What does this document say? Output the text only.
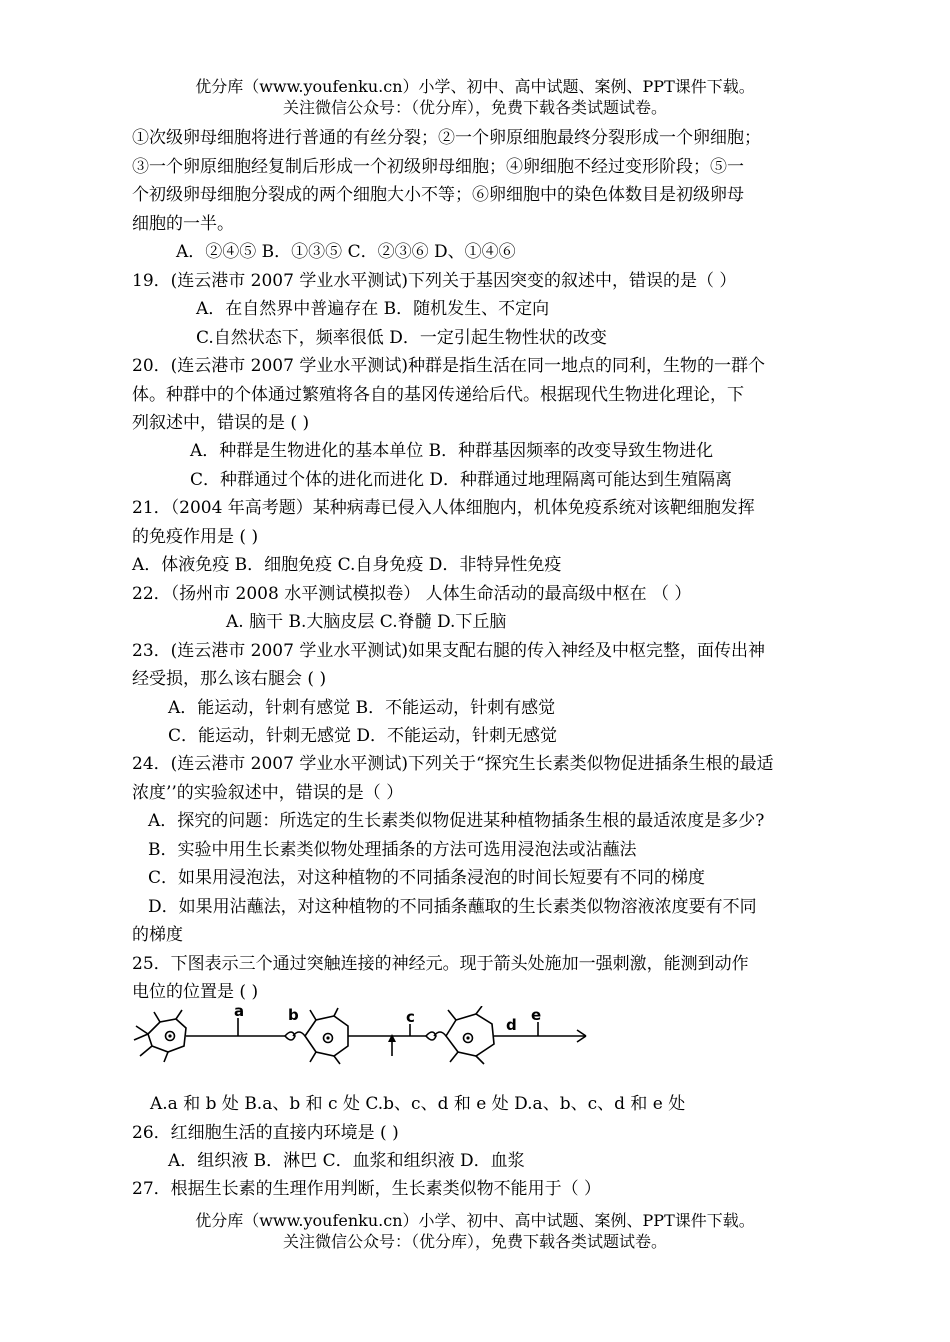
优分库（www.youfenku.cn）小学、初中、高中试题、案例、PPT课件下载。
关注微信公众号：（优分库），免费下载各类试题试卷。
①次级卵母细胞将进行普通的有丝分裂；②一个卵原细胞最终分裂形成一个卵细胞；
③一个卵原细胞经复制后形成一个初级卵母细胞；④卵细胞不经过变形阶段；⑤一
个初级卵母细胞分裂成的两个细胞大小不等；⑥卵细胞中的染色体数目是初级卵母
细胞的一半。
A．②④⑤ B．①③⑤ C．②③⑥ D、①④⑥
19．(连云港市 2007 学业水平测试)下列关于基因突变的叙述中，错误的是（ ）
A．在自然界中普遍存在 B．随机发生、不定向
C.自然状态下，频率很低 D．一定引起生物性状的改变
20．(连云港市 2007 学业水平测试)种群是指生活在同一地点的同利，生物的一群个
体。种群中的个体通过繁殖将各自的基冈传递给后代。根据现代生物进化理论，下
列叙述中，错误的是 ( )
A．种群是生物进化的基本单位 B．种群基因频率的改变导致生物进化
C．种群通过个体的进化而进化 D．种群通过地理隔离可能达到生殖隔离
21．（2004 年高考题）某种病毒已侵入人体细胞内，机体免疫系统对该靶细胞发挥
的免疫作用是 ( )
A．体液免疫 B．细胞免疫 C.自身免疫 D．非特异性免疫
22．（扬州市 2008 水平测试模拟卷） 人体生命活动的最高级中枢在 （ ）
A. 脑干 B.大脑皮层 C.脊髓 D.下丘脑
23．(连云港市 2007 学业水平测试)如果支配右腿的传入神经及中枢完整，面传出神
经受损，那么该右腿会 ( )
A．能运动，针刺有感觉 B．不能运动，针刺有感觉
C．能运动，针刺无感觉 D．不能运动，针刺无感觉
24．(连云港市 2007 学业水平测试)下列关于“探究生长素类似物促进插条生根的最适
浓度’’的实验叙述中，错误的是（ ）
A．探究的问题：所选定的生长素类似物促进某种植物插条生根的最适浓度是多少?
B．实验中用生长素类似物处理插条的方法可选用浸泡法或沾蘸法
C．如果用浸泡法，对这种植物的不同插条浸泡的时间长短要有不同的梯度
D．如果用沾蘸法，对这种植物的不同插条蘸取的生长素类似物溶液浓度要有不同
的梯度
25．下图表示三个通过突触连接的神经元。现于箭头处施加一强刺激，能测到动作
电位的位置是 ( )
a	b	c	d
e
A.a 和 b 处 B.a、b 和 c 处 C.b、c、d 和 e 处 D.a、b、c、d 和 e 处
26．红细胞生活的直接内环境是 ( )
A．组织液 B．淋巴 C．血浆和组织液 D．血浆
27．根据生长素的生理作用判断，生长素类似物不能用于（ ）
优分库（www.youfenku.cn）小学、初中、高中试题、案例、PPT课件下载。
关注微信公众号：（优分库），免费下载各类试题试卷。
